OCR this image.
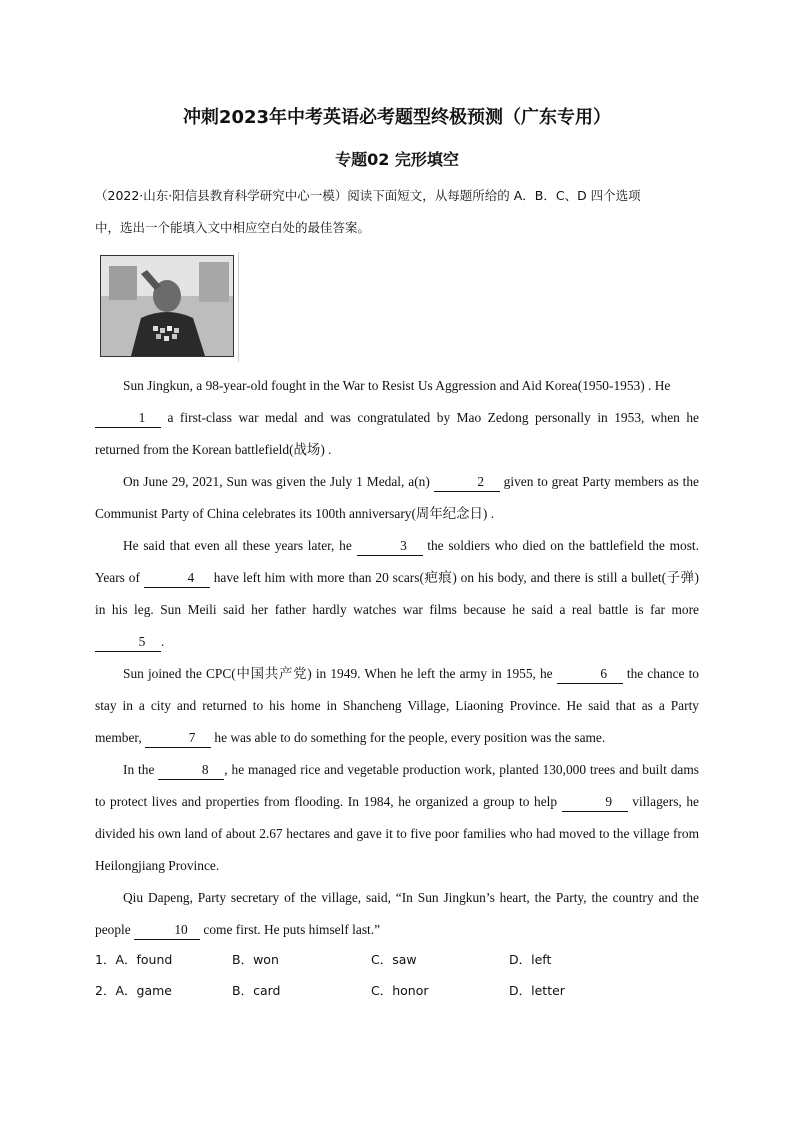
冲刺2023年中考英语必考题型终极预测（广东专用）
专题02 完形填空

（2022·山东·阳信县教育科学研究中心一模）阅读下面短文，从每题所给的 A．B．C、D 四个选项

中，选出一个能填入文中相应空白处的最佳答案。

Sun Jingkun, a 98-year-old fought in the War to Resist Us Aggression and Aid Korea(1950-1953) . He
1 a first-class war medal and was congratulated by Mao Zedong personally in 1953, when he returned from the Korean battlefield(战场) .

On June 29, 2021, Sun was given the July 1 Medal, a(n)	2 given to great Party members as the Communist Party of China celebrates its 100th anniversary(周年纪念日) .

He said that even all these years later, he	3 the soldiers who died on the battlefield the most. Years of	4 have left him with more than 20 scars(疤痕) on his body, and there is still a bullet(子弹) in his leg. Sun Meili said her father hardly watches war films because he said a real battle is far more 5 .

Sun joined the CPC(中国共产党) in 1949. When he left the army in 1955, he	6 the chance to stay in a city and returned to his home in Shancheng Village, Liaoning Province. He said that as a Party member,	7 he was able to do something for the people, every position was the same.

In the	8 , he managed rice and vegetable production work, planted 130,000 trees and built dams to protect lives and properties from flooding. In 1984, he organized a group to help	9 villagers, he divided his own land of about 2.67 hectares and gave it to five poor families who had moved to the village from Heilongjiang Province.

Qiu Dapeng, Party secretary of the village, said, “In Sun Jingkun’s heart, the Party, the country and the people	10 come first. He puts himself last.”

1．A．found	B．won	C．saw	D．left
2．A．game	B．card	C．honor	D．letter
